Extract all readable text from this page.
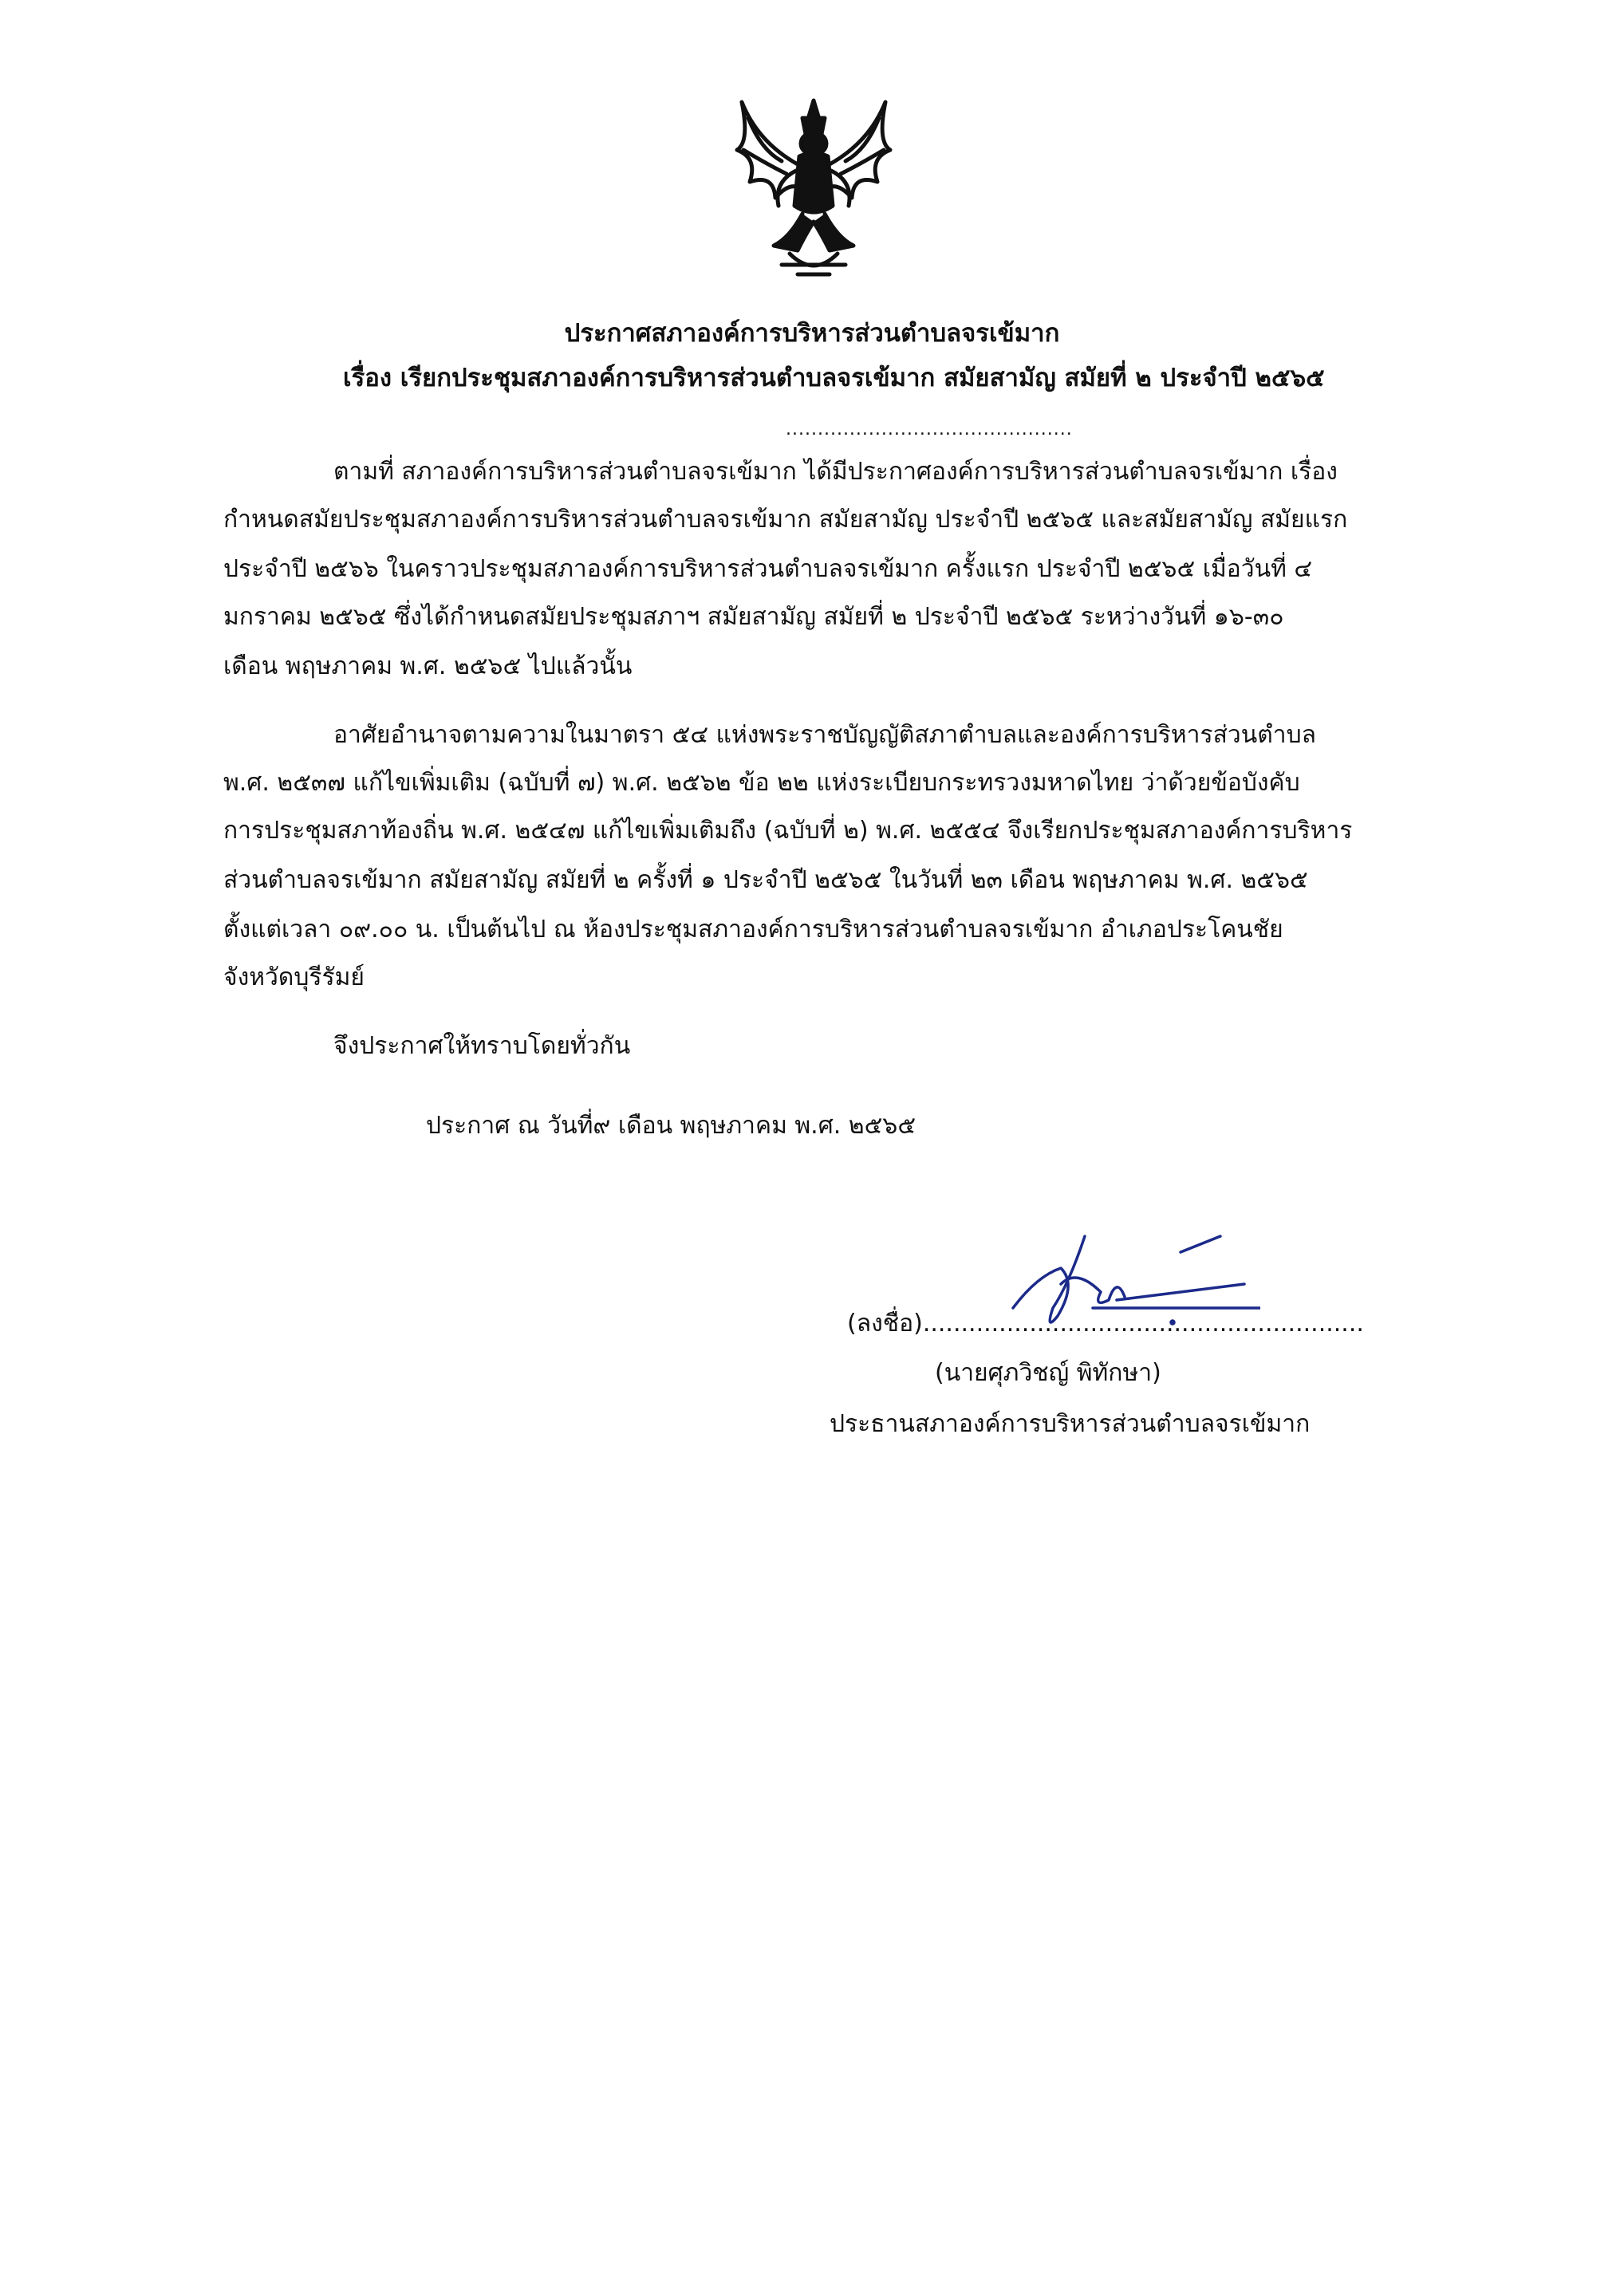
ประกาศสภาองค์การบริหารส่วนตำบลจรเข้มาก
เรื่อง เรียกประชุมสภาองค์การบริหารส่วนตำบลจรเข้มาก สมัยสามัญ สมัยที่ ๒ ประจำปี ๒๕๖๕
.............................................
ตามที่ สภาองค์การบริหารส่วนตำบลจรเข้มาก ได้มีประกาศองค์การบริหารส่วนตำบลจรเข้มาก เรื่อง
กำหนดสมัยประชุมสภาองค์การบริหารส่วนตำบลจรเข้มาก สมัยสามัญ ประจำปี ๒๕๖๕ และสมัยสามัญ สมัยแรก
ประจำปี ๒๕๖๖ ในคราวประชุมสภาองค์การบริหารส่วนตำบลจรเข้มาก ครั้งแรก ประจำปี ๒๕๖๕ เมื่อวันที่ ๔
มกราคม ๒๕๖๕ ซึ่งได้กำหนดสมัยประชุมสภาฯ สมัยสามัญ สมัยที่ ๒ ประจำปี ๒๕๖๕ ระหว่างวันที่ ๑๖-๓๐
เดือน พฤษภาคม พ.ศ. ๒๕๖๕ ไปแล้วนั้น
อาศัยอำนาจตามความในมาตรา ๕๔ แห่งพระราชบัญญัติสภาตำบลและองค์การบริหารส่วนตำบล
พ.ศ. ๒๕๓๗ แก้ไขเพิ่มเติม (ฉบับที่ ๗) พ.ศ. ๒๕๖๒ ข้อ ๒๒ แห่งระเบียบกระทรวงมหาดไทย ว่าด้วยข้อบังคับ
การประชุมสภาท้องถิ่น พ.ศ. ๒๕๔๗ แก้ไขเพิ่มเติมถึง (ฉบับที่ ๒) พ.ศ. ๒๕๕๔ จึงเรียกประชุมสภาองค์การบริหาร
ส่วนตำบลจรเข้มาก สมัยสามัญ สมัยที่ ๒ ครั้งที่ ๑ ประจำปี ๒๕๖๕ ในวันที่ ๒๓ เดือน พฤษภาคม พ.ศ. ๒๕๖๕
ตั้งแต่เวลา ๐๙.๐๐ น. เป็นต้นไป ณ ห้องประชุมสภาองค์การบริหารส่วนตำบลจรเข้มาก อำเภอประโคนชัย
จังหวัดบุรีรัมย์
จึงประกาศให้ทราบโดยทั่วกัน
ประกาศ ณ วันที่๙ เดือน พฤษภาคม พ.ศ. ๒๕๖๕
(ลงชื่อ)..........................................................
(นายศุภวิชญ์ พิทักษา)
ประธานสภาองค์การบริหารส่วนตำบลจรเข้มาก
